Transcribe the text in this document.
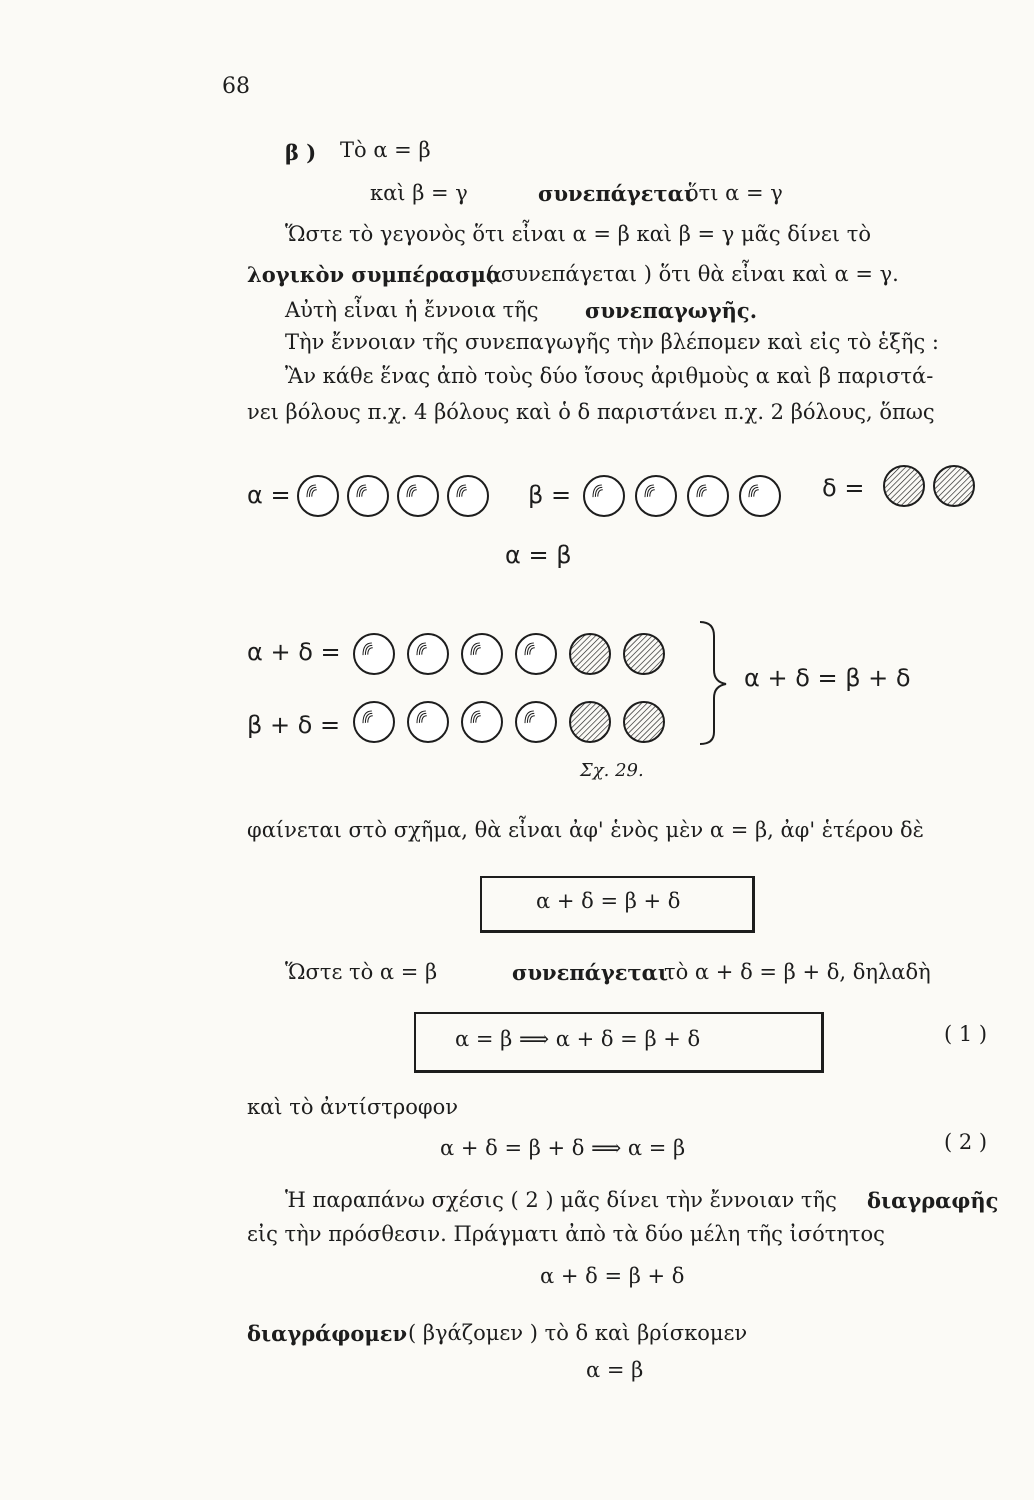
68
β ) Τὸ α = β
καὶ β = γ	συνεπάγεται
ὅτι α = γ
Ὥστε τὸ γεγονὸς ὅτι εἶναι α = β καὶ β = γ μᾶς δίνει τὸ
λογικὸν συμπέρασμα
( συνεπάγεται ) ὅτι θὰ εἶναι καὶ α = γ.
Αὐτὴ εἶναι ἡ ἔννοια τῆς συνεπαγωγῆς.
Τὴν ἔννοιαν τῆς συνεπαγωγῆς τὴν βλέπομεν καὶ εἰς τὸ ἑξῆς :
Ἂν κάθε ἕνας ἀπὸ τοὺς δύο ἴσους ἀριθμοὺς α καὶ β παριστά-
νει βόλους π.χ. 4 βόλους καὶ ὁ δ παριστάνει π.χ. 2 βόλους, ὅπως
α =	β =	δ =
α = β
α + δ =
β + δ =
α + δ = β + δ
Σχ. 29.
φαίνεται στὸ σχῆμα, θὰ εἶναι ἀφ' ἑνὸς μὲν α = β, ἀφ' ἑτέρου δὲ
α + δ = β + δ
Ὥστε τὸ α = β	συνεπάγεται
τὸ α + δ = β + δ, δηλαδὴ
α = β ⟹ α + δ = β + δ	( 1 )
καὶ τὸ ἀντίστροφον
α + δ = β + δ ⟹ α = β	( 2 )
Ἡ παραπάνω σχέσις ( 2 ) μᾶς δίνει τὴν ἔννοιαν τῆς διαγραφῆς
εἰς τὴν πρόσθεσιν. Πράγματι ἀπὸ τὰ δύο μέλη τῆς ἰσότητος
α + δ = β + δ
διαγράφομεν ( βγάζομεν ) τὸ δ καὶ βρίσκομεν
α = β
